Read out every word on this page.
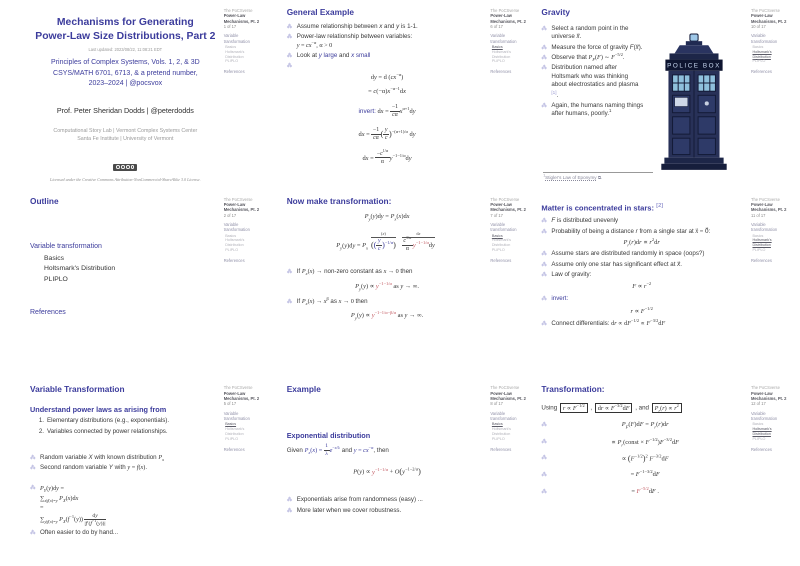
Mechanisms for Generating
Power-Law Size Distributions, Part 2
Last updated: 2023/08/22, 11:08:21 EDT
Principles of Complex Systems, Vols. 1, 2, & 3D
CSYS/MATH 6701, 6713, & a pretend number,
2023–2024 | @pocsvox
Prof. Peter Sheridan Dodds | @peterdodds
Computational Story Lab | Vermont Complex Systems Center
Santa Fe Institute | University of Vermont
Licensed under the Creative Commons Attribution-NonCommercial-ShareAlike 3.0 License.
The PoCSverse
Power-Law Mechanisms, Pt. 2
1 of 17
Variable transformation
Basics
Holtsmark's Distribution
PLIPLO
References
General Example
⁂ Assume relationship between x and y is 1-1.
⁂ Power-law relationship between variables:
$y = cx^{-\alpha}$, α > 0
⁂ Look at y large and x small
⁂
dy = d $(cx^{-\alpha})$
= $c(-\alpha)x^{-\alpha-1}dx$
invert: dx = $\frac{-1}{c\alpha} x^{\alpha+1}dy$
dx = $\frac{-1}{c\alpha}$ ( $\frac{y}{c} )^{-(\alpha+1)/\alpha}$ dy
dx = $\frac{-c^{1/\alpha}}{\alpha} y^{-1-1/\alpha}dy$
The PoCSverse
Power-Law Mechanisms, Pt. 2
6 of 17
Variable transformation
Basics
Holtsmark's Distribution
PLIPLO
References
Gravity
⁂ Select a random point in the universe x⃗.
⁂ Measure the force of gravity F(x⃗).
⁂ Observe that $P_F(F)$ ∼ $F^{-5/2}$.
⁂ Distribution named after Holtsmark who was thinking about electrostatics and plasma [1].
⁂ Again, the humans naming things after humans, poorly.$^1$
POLICE BOX
$^1$Stigler's Law of Eponymy ⧉.
The PoCSverse
Power-Law Mechanisms, Pt. 2
10 of 17
Variable transformation
Basics
Holtsmark's Distribution
PLIPLO
References
Outline
Variable transformation
Basics
Holtsmark's Distribution
PLIPLO
References
The PoCSverse
Power-Law Mechanisms, Pt. 2
2 of 17
Variable transformation
Basics
Holtsmark's Distribution
PLIPLO
References
Now make transformation:
$P_y(y)dy = P_x(x)dx$
$P_y(y)dy = P_x$
(x)
(( $\frac{y}{c} )^{-1/\alpha}$)
dx
$\frac{c^{1/\alpha}}{\alpha} y^{-1-1/\alpha}dy$
⁂ If $P_x(x)$ → non-zero constant as x → 0 then
$P_y(y) \propto y^{-1-1/\alpha}$ as y → ∞.
⁂ If $P_x(x) \to x^\beta$ as x → 0 then
$P_y(y) \propto y^{-1-1/\alpha-\beta/\alpha}$ as y → ∞.
The PoCSverse
Power-Law Mechanisms, Pt. 2
7 of 17
Variable transformation
Basics
Holtsmark's Distribution
PLIPLO
References
Matter is concentrated in stars: [2]
⁂ F is distributed unevenly
⁂ Probability of being a distance r from a single star at x⃗ = 0⃗:
$P_r(r)dr \propto r^2dr$
⁂ Assume stars are distributed randomly in space (oops?)
⁂ Assume only one star has significant effect at x⃗.
⁂ Law of gravity:
$F \propto r^{-2}$
⁂ invert:
$r \propto F^{-1/2}$
⁂ Connect differentials: dr ∝ $dF^{-1/2} \propto F^{-3/2}dF$
The PoCSverse
Power-Law Mechanisms, Pt. 2
11 of 17
Variable transformation
Basics
Holtsmark's Distribution
PLIPLO
References
Variable Transformation
Understand power laws as arising from
1. Elementary distributions (e.g., exponentials).
2. Variables connected by power relationships.
⁂ Random variable X with known distribution $P_x$
⁂ Second random variable Y with y = f(x).
⁂ $P_Y(y)dy$ =
$\sum_{x|f(x)=y}$ $P_X(x)dx$
=
$\sum_{y|f(x)=y}$ $P_X(f^{-1}(y)) \frac{dy}{|f'(f^{-1}(y))|}$
⁂ Often easier to do by hand...
The PoCSverse
Power-Law Mechanisms, Pt. 2
5 of 17
Variable transformation
Basics
Holtsmark's Distribution
PLIPLO
References
Example
Exponential distribution
Given $P_x(x) = \frac{1}{\lambda} e^{-x/\lambda}$ and $y = cx^{-\alpha}$, then
$P(y) \propto y^{-1-1/\alpha} + O(y^{-1-2/\alpha})$
⁂ Exponentials arise from randomness (easy) ...
⁂ More later when we cover robustness.
The PoCSverse
Power-Law Mechanisms, Pt. 2
8 of 17
Variable transformation
Basics
Holtsmark's Distribution
PLIPLO
References
Transformation:
Using $r \propto F^{-1/2}$ , dr ∝ $F^{-3/2}dF$ , and $P_r(r) \propto r^2$
⁂	$P_F(F)dF = P_r(r)dr$
⁂	∝ $P_r(const \times F^{-1/2})F^{-3/2}dF$
⁂	∝ $(F^{-1/2})^2$ $F^{-3/2}dF$
⁂	= $F^{-1-3/2}dF$
⁂	= $F^{-5/2}dF$ .
The PoCSverse
Power-Law Mechanisms, Pt. 2
12 of 17
Variable transformation
Basics
Holtsmark's Distribution
PLIPLO
References
